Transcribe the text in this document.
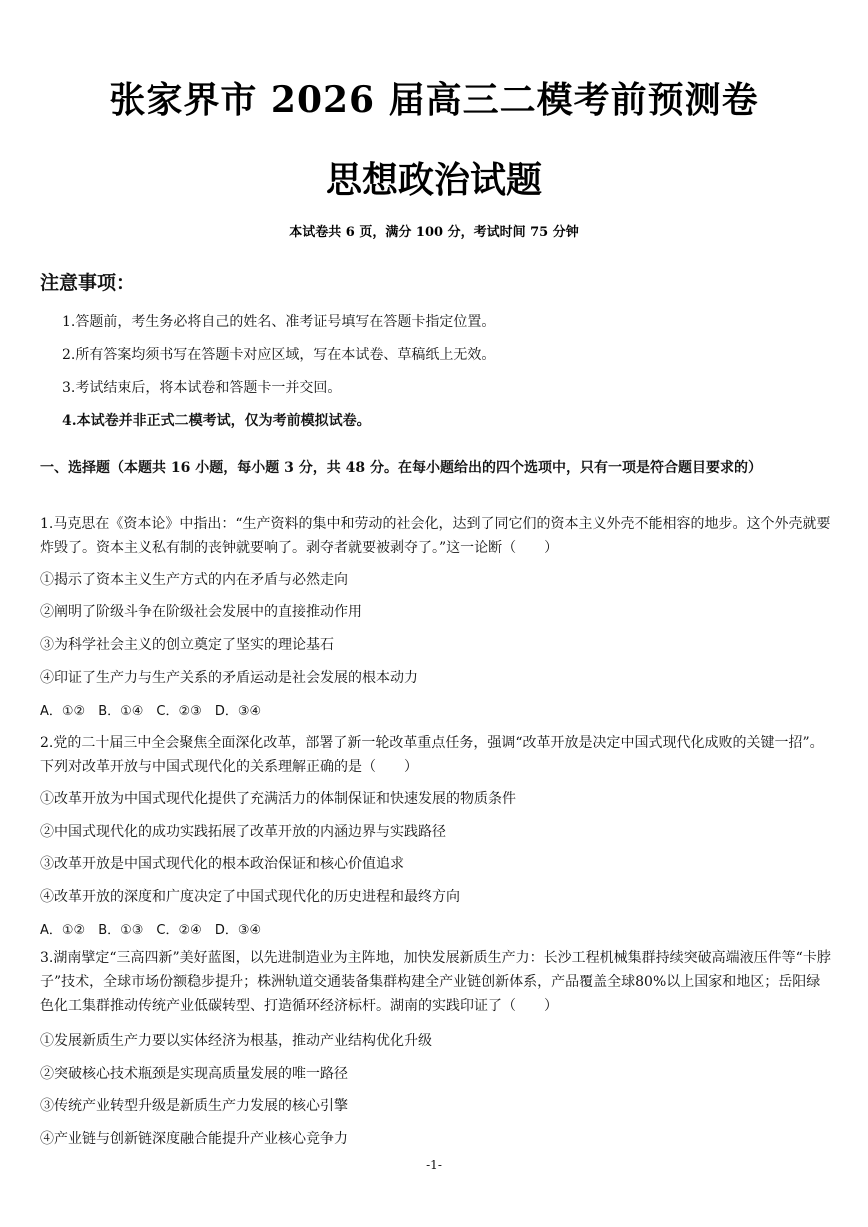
张家界市 2026 届高三二模考前预测卷
思想政治试题
本试卷共 6 页，满分 100 分，考试时间 75 分钟
注意事项：
1.答题前，考生务必将自己的姓名、准考证号填写在答题卡指定位置。
2.所有答案均须书写在答题卡对应区域，写在本试卷、草稿纸上无效。
3.考试结束后，将本试卷和答题卡一并交回。
4.本试卷并非正式二模考试，仅为考前模拟试卷。
一、选择题（本题共 16 小题，每小题 3 分，共 48 分。在每小题给出的四个选项中，只有一项是符合题目要求的）
1.马克思在《资本论》中指出：“生产资料的集中和劳动的社会化，达到了同它们的资本主义外壳不能相容的地步。这个外壳就要炸毁了。资本主义私有制的丧钟就要响了。剥夺者就要被剥夺了。”这一论断（　　）
①揭示了资本主义生产方式的内在矛盾与必然走向
②阐明了阶级斗争在阶级社会发展中的直接推动作用
③为科学社会主义的创立奠定了坚实的理论基石
④印证了生产力与生产关系的矛盾运动是社会发展的根本动力
A．①②　B．①④　C．②③　D．③④
2.党的二十届三中全会聚焦全面深化改革，部署了新一轮改革重点任务，强调“改革开放是决定中国式现代化成败的关键一招”。下列对改革开放与中国式现代化的关系理解正确的是（　　）
①改革开放为中国式现代化提供了充满活力的体制保证和快速发展的物质条件
②中国式现代化的成功实践拓展了改革开放的内涵边界与实践路径
③改革开放是中国式现代化的根本政治保证和核心价值追求
④改革开放的深度和广度决定了中国式现代化的历史进程和最终方向
A．①②　B．①③　C．②④　D．③④
3.湖南擘定“三高四新”美好蓝图，以先进制造业为主阵地，加快发展新质生产力：长沙工程机械集群持续突破高端液压件等“卡脖子”技术，全球市场份额稳步提升；株洲轨道交通装备集群构建全产业链创新体系，产品覆盖全球80%以上国家和地区；岳阳绿色化工集群推动传统产业低碳转型、打造循环经济标杆。湖南的实践印证了（　　）
①发展新质生产力要以实体经济为根基，推动产业结构优化升级
②突破核心技术瓶颈是实现高质量发展的唯一路径
③传统产业转型升级是新质生产力发展的核心引擎
④产业链与创新链深度融合能提升产业核心竞争力
-1-
